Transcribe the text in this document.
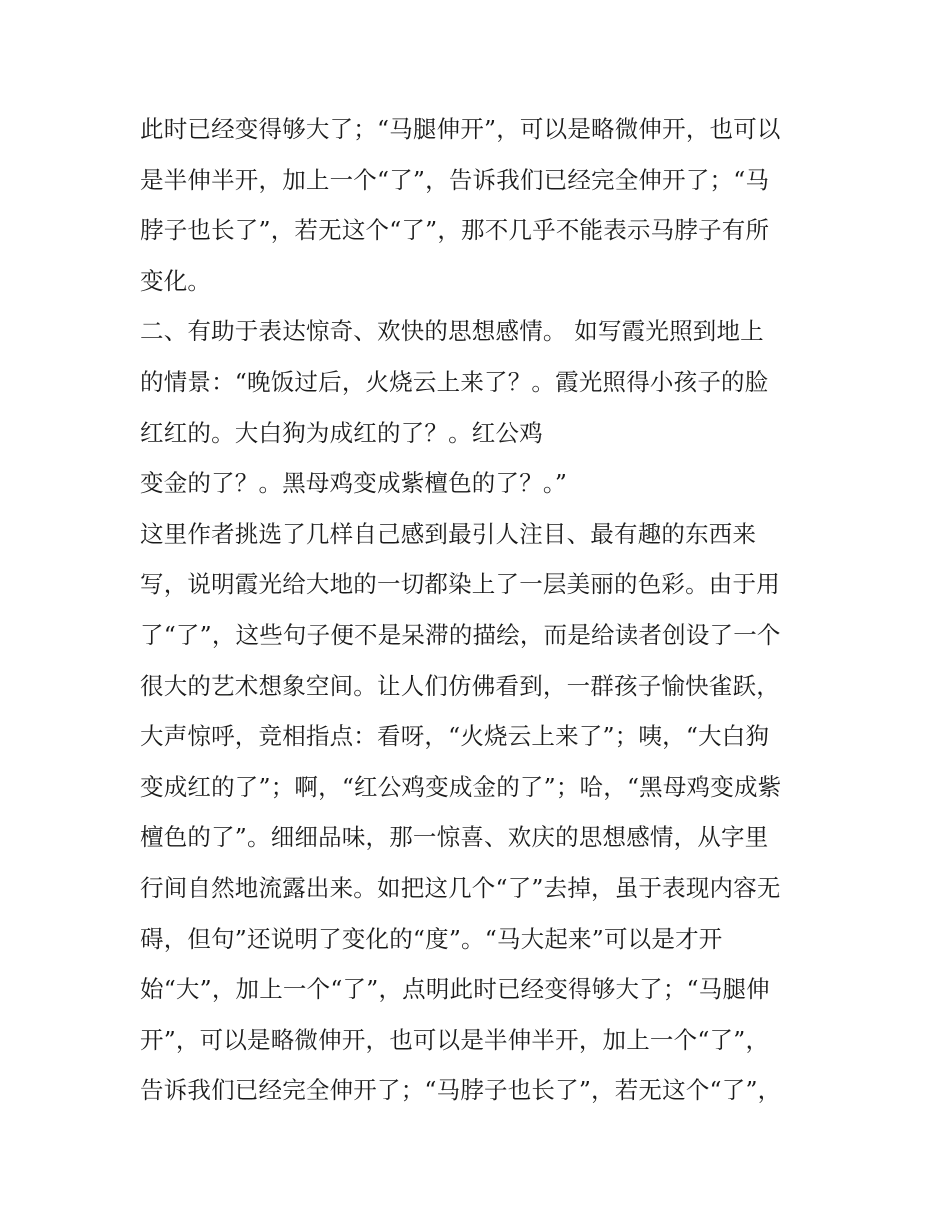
此时已经变得够大了；“马腿伸开”，可以是略微伸开，也可以
是半伸半开，加上一个“了”，告诉我们已经完全伸开了；“马
脖子也长了”，若无这个“了”，那不几乎不能表示马脖子有所
变化。
二、有助于表达惊奇、欢快的思想感情。 如写霞光照到地上
的情景：“晚饭过后，火烧云上来了？。霞光照得小孩子的脸
红红的。大白狗为成红的了？。红公鸡
变金的了？。黑母鸡变成紫檀色的了？。”
这里作者挑选了几样自己感到最引人注目、最有趣的东西来
写，说明霞光给大地的一切都染上了一层美丽的色彩。由于用
了“了”，这些句子便不是呆滞的描绘，而是给读者创设了一个
很大的艺术想象空间。让人们仿佛看到，一群孩子愉快雀跃，
大声惊呼，竞相指点：看呀，“火烧云上来了”；咦，“大白狗
变成红的了”；啊，“红公鸡变成金的了”；哈，“黑母鸡变成紫
檀色的了”。细细品味，那一惊喜、欢庆的思想感情，从字里
行间自然地流露出来。如把这几个“了”去掉，虽于表现内容无
碍，但句”还说明了变化的“度”。“马大起来”可以是才开
始“大”，加上一个“了”，点明此时已经变得够大了；“马腿伸
开”，可以是略微伸开，也可以是半伸半开，加上一个“了”，
告诉我们已经完全伸开了；“马脖子也长了”，若无这个“了”，
